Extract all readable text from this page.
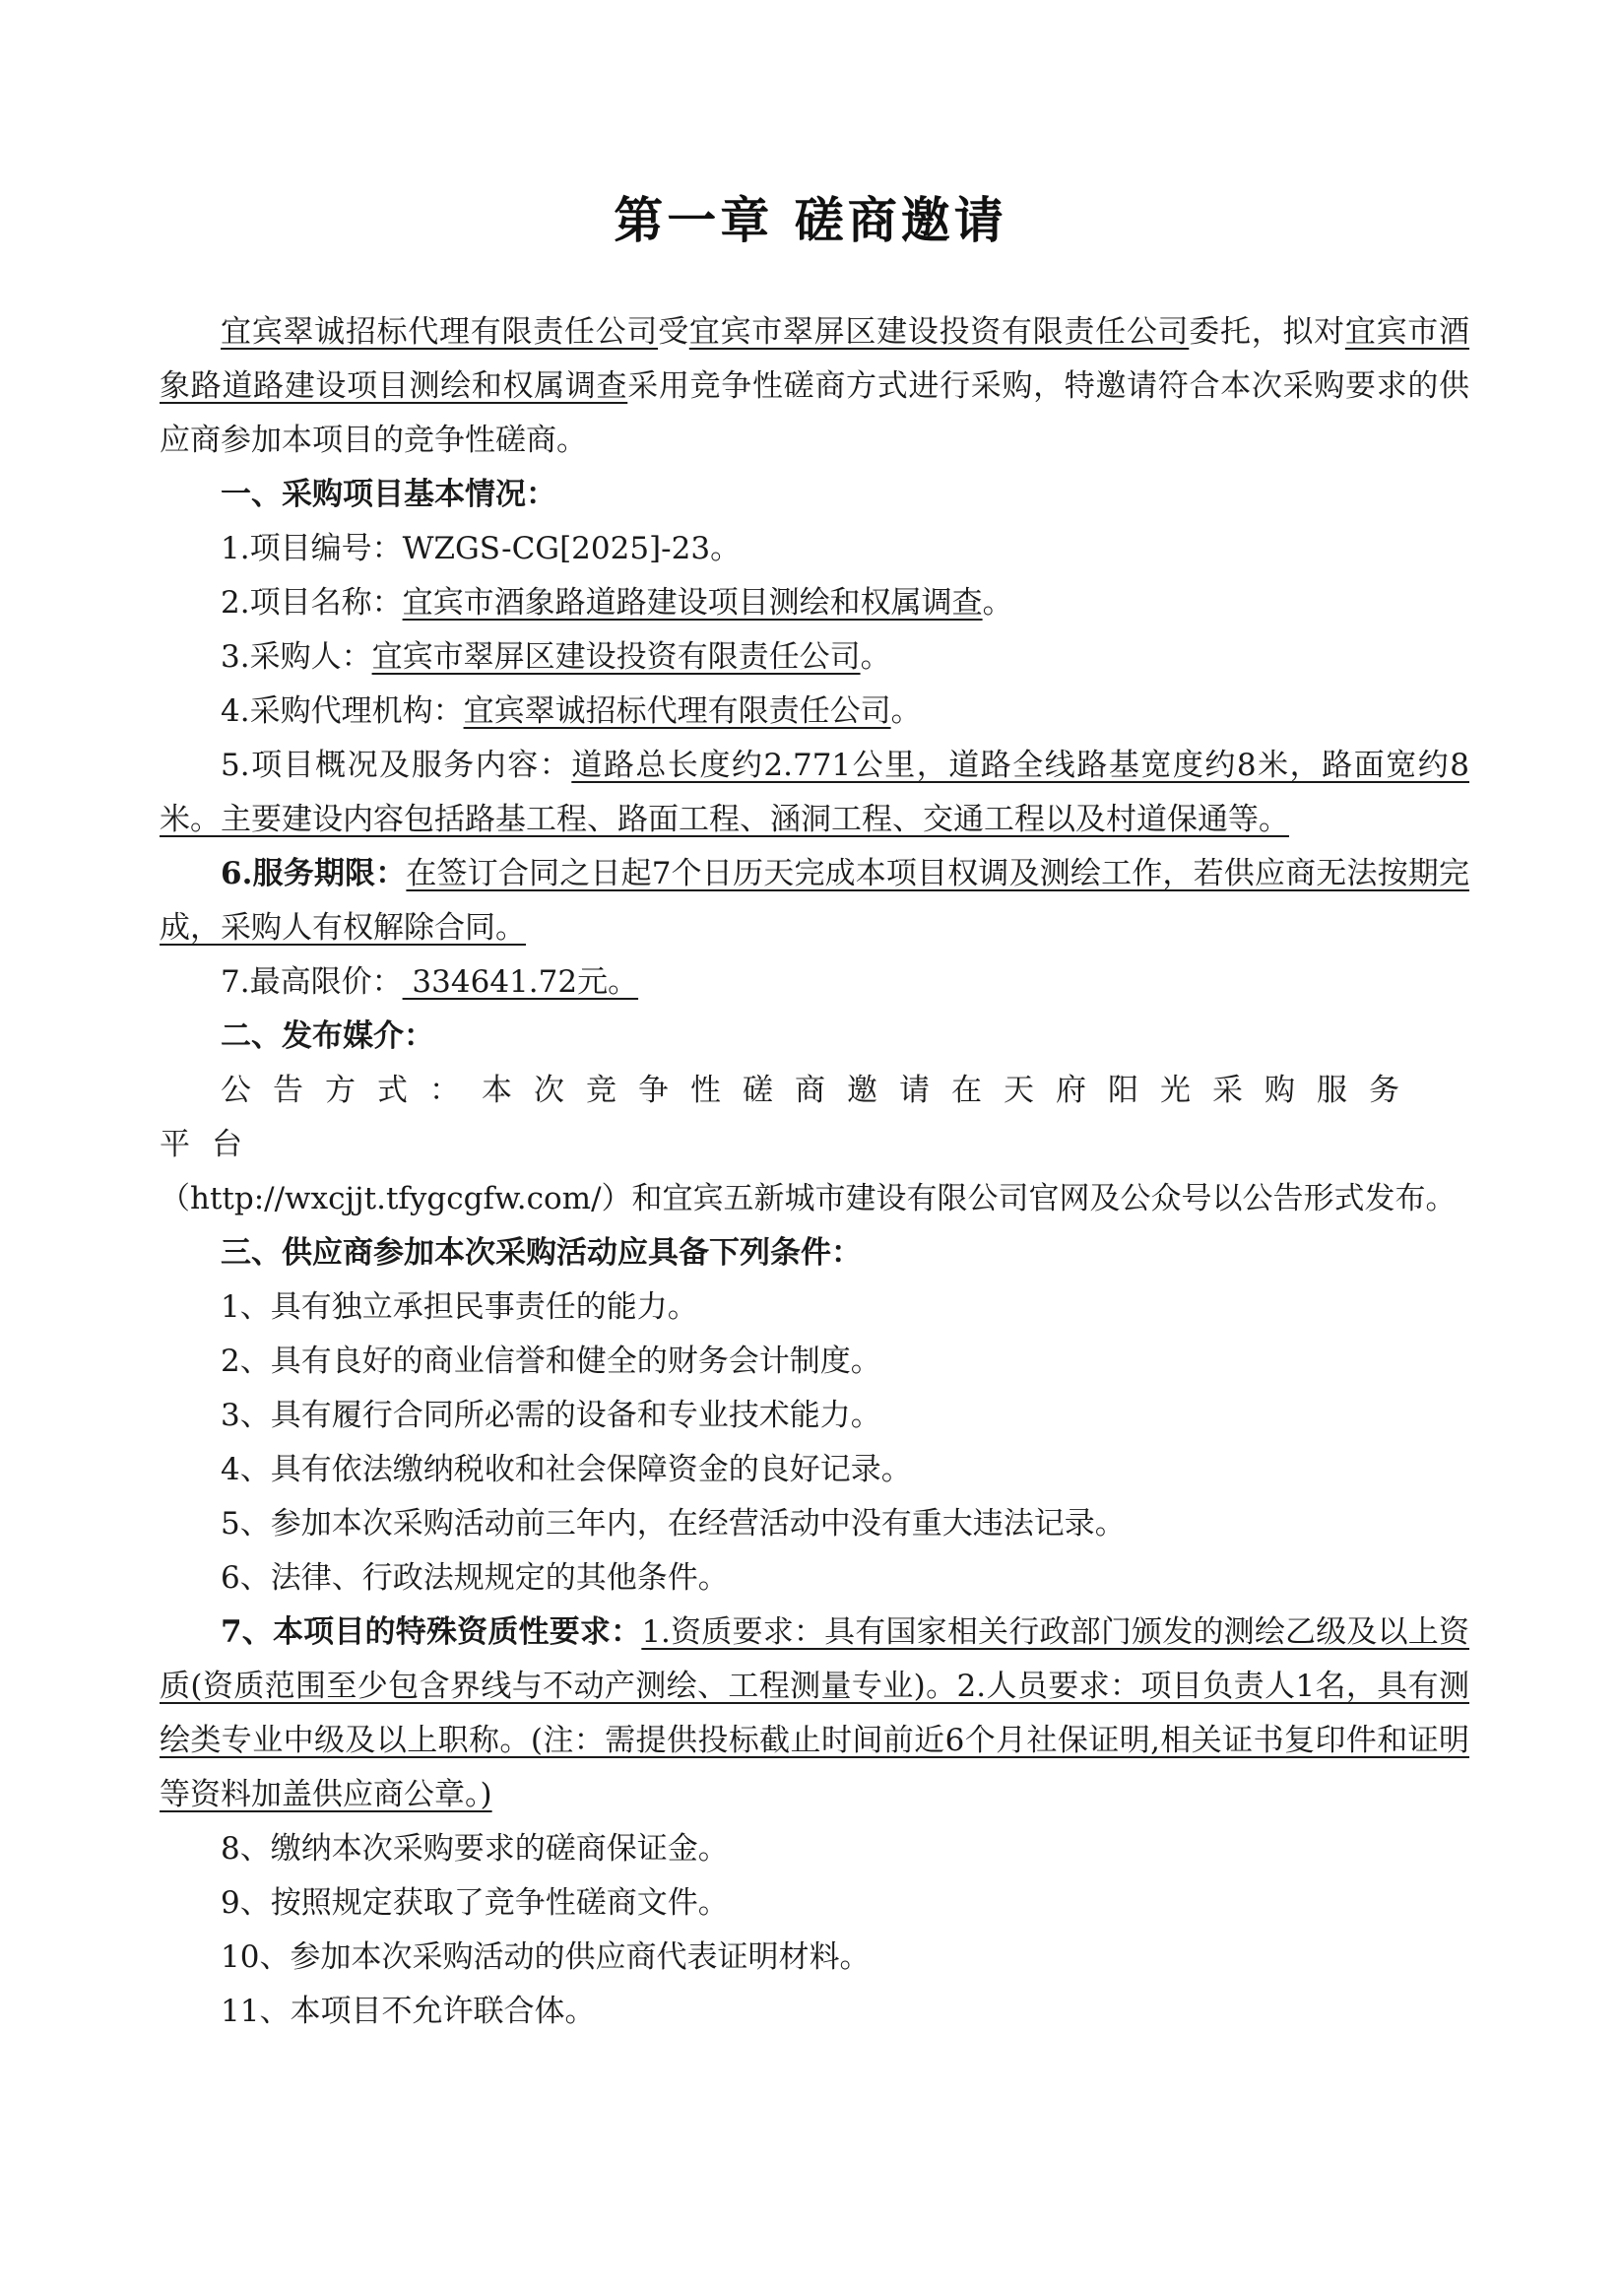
第一章 磋商邀请

宜宾翠诚招标代理有限责任公司受宜宾市翠屏区建设投资有限责任公司委托，拟对宜宾市酒象路道路建设项目测绘和权属调查采用竞争性磋商方式进行采购，特邀请符合本次采购要求的供应商参加本项目的竞争性磋商。

一、采购项目基本情况：

1.项目编号：WZGS-CG[2025]-23。

2.项目名称：宜宾市酒象路道路建设项目测绘和权属调查。

3.采购人：宜宾市翠屏区建设投资有限责任公司。

4.采购代理机构：宜宾翠诚招标代理有限责任公司。

5.项目概况及服务内容：道路总长度约2.771公里，道路全线路基宽度约8米，路面宽约8米。主要建设内容包括路基工程、路面工程、涵洞工程、交通工程以及村道保通等。

6.服务期限：在签订合同之日起7个日历天完成本项目权调及测绘工作，若供应商无法按期完成，采购人有权解除合同。

7.最高限价： 334641.72元。

二、发布媒介：

公告方式：本次竞争性磋商邀请在天府阳光采购服务平台

（http://wxcjjt.tfygcgfw.com/）和宜宾五新城市建设有限公司官网及公众号以公告形式发布。

三、供应商参加本次采购活动应具备下列条件：

1、具有独立承担民事责任的能力。

2、具有良好的商业信誉和健全的财务会计制度。

3、具有履行合同所必需的设备和专业技术能力。

4、具有依法缴纳税收和社会保障资金的良好记录。

5、参加本次采购活动前三年内，在经营活动中没有重大违法记录。

6、法律、行政法规规定的其他条件。

7、本项目的特殊资质性要求：1.资质要求：具有国家相关行政部门颁发的测绘乙级及以上资质(资质范围至少包含界线与不动产测绘、工程测量专业)。2.人员要求：项目负责人1名，具有测绘类专业中级及以上职称。(注：需提供投标截止时间前近6个月社保证明,相关证书复印件和证明等资料加盖供应商公章。)

8、缴纳本次采购要求的磋商保证金。

9、按照规定获取了竞争性磋商文件。

10、参加本次采购活动的供应商代表证明材料。

11、本项目不允许联合体。
